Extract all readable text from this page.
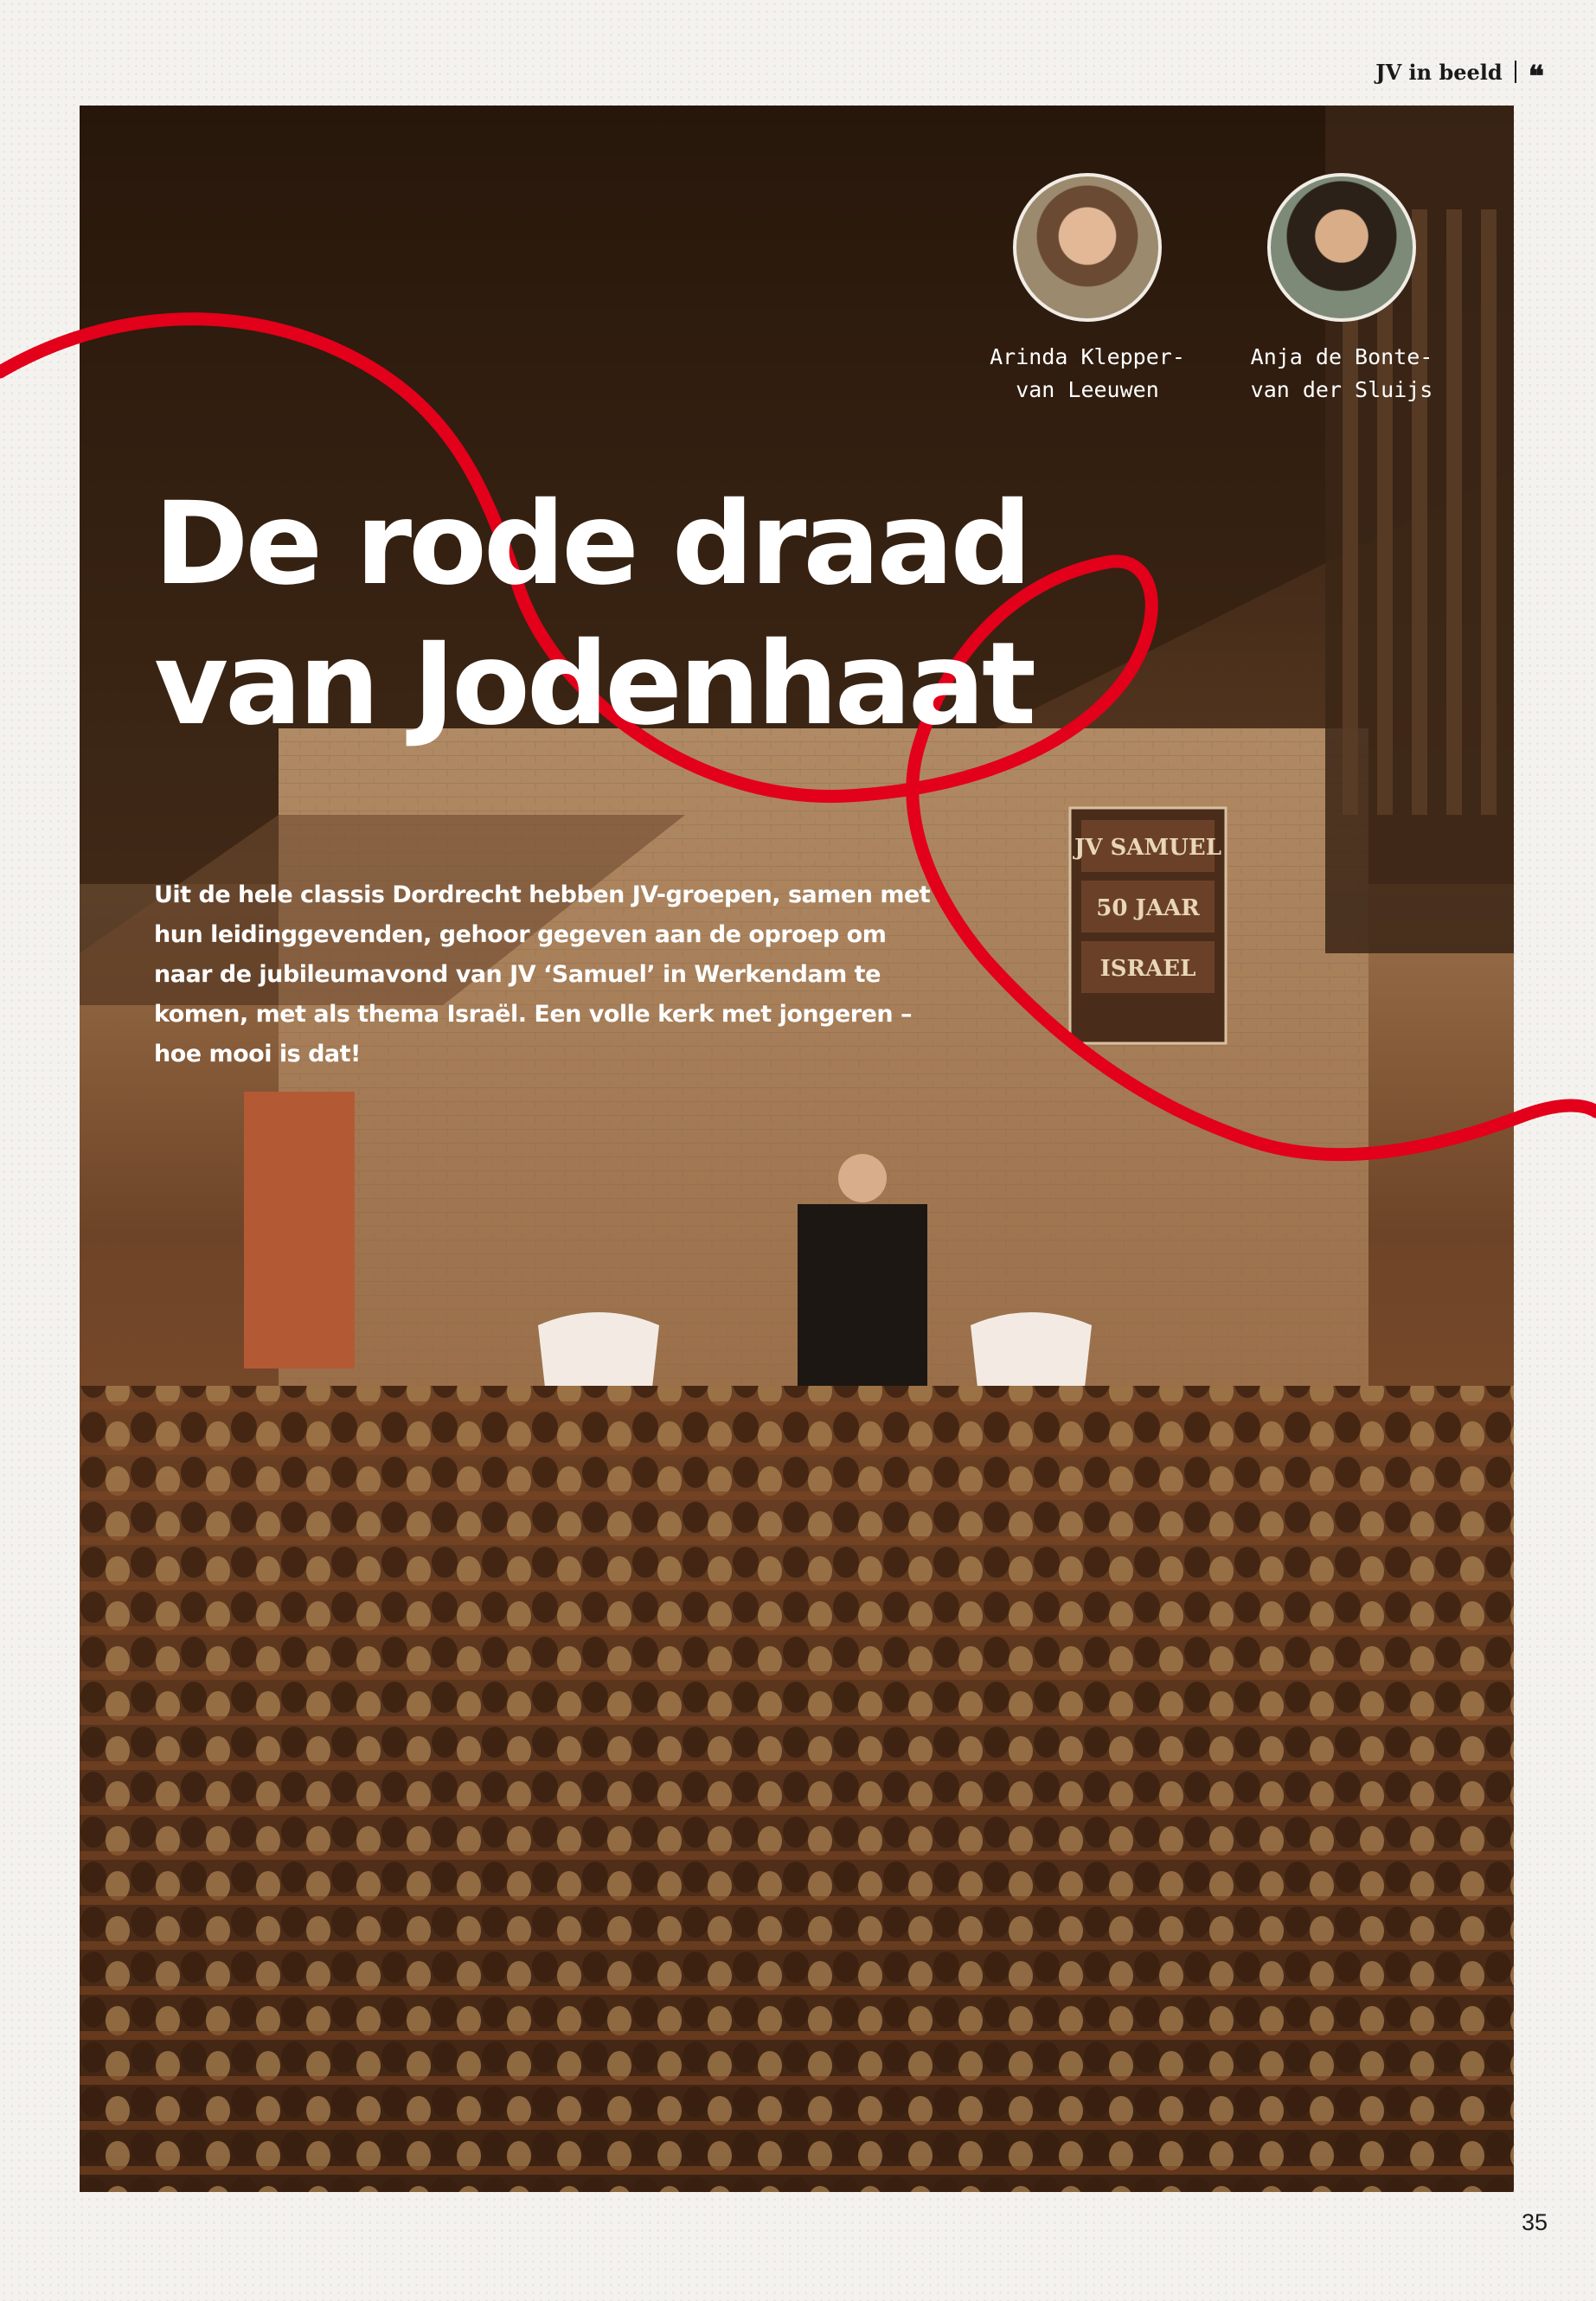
JV in beeld ❝
JV SAMUEL
50 JAAR
ISRAEL
Arinda Klepper-
van Leeuwen
Anja de Bonte-
van der Sluijs
De rode draad
van Jodenhaat

Uit de hele classis Dordrecht hebben JV-groepen, samen met hun leidinggevenden, gehoor gegeven aan de oproep om naar de jubileumavond van JV ‘Samuel’ in Werkendam te komen, met als thema Israël. Een volle kerk met jongeren – hoe mooi is dat!

35
